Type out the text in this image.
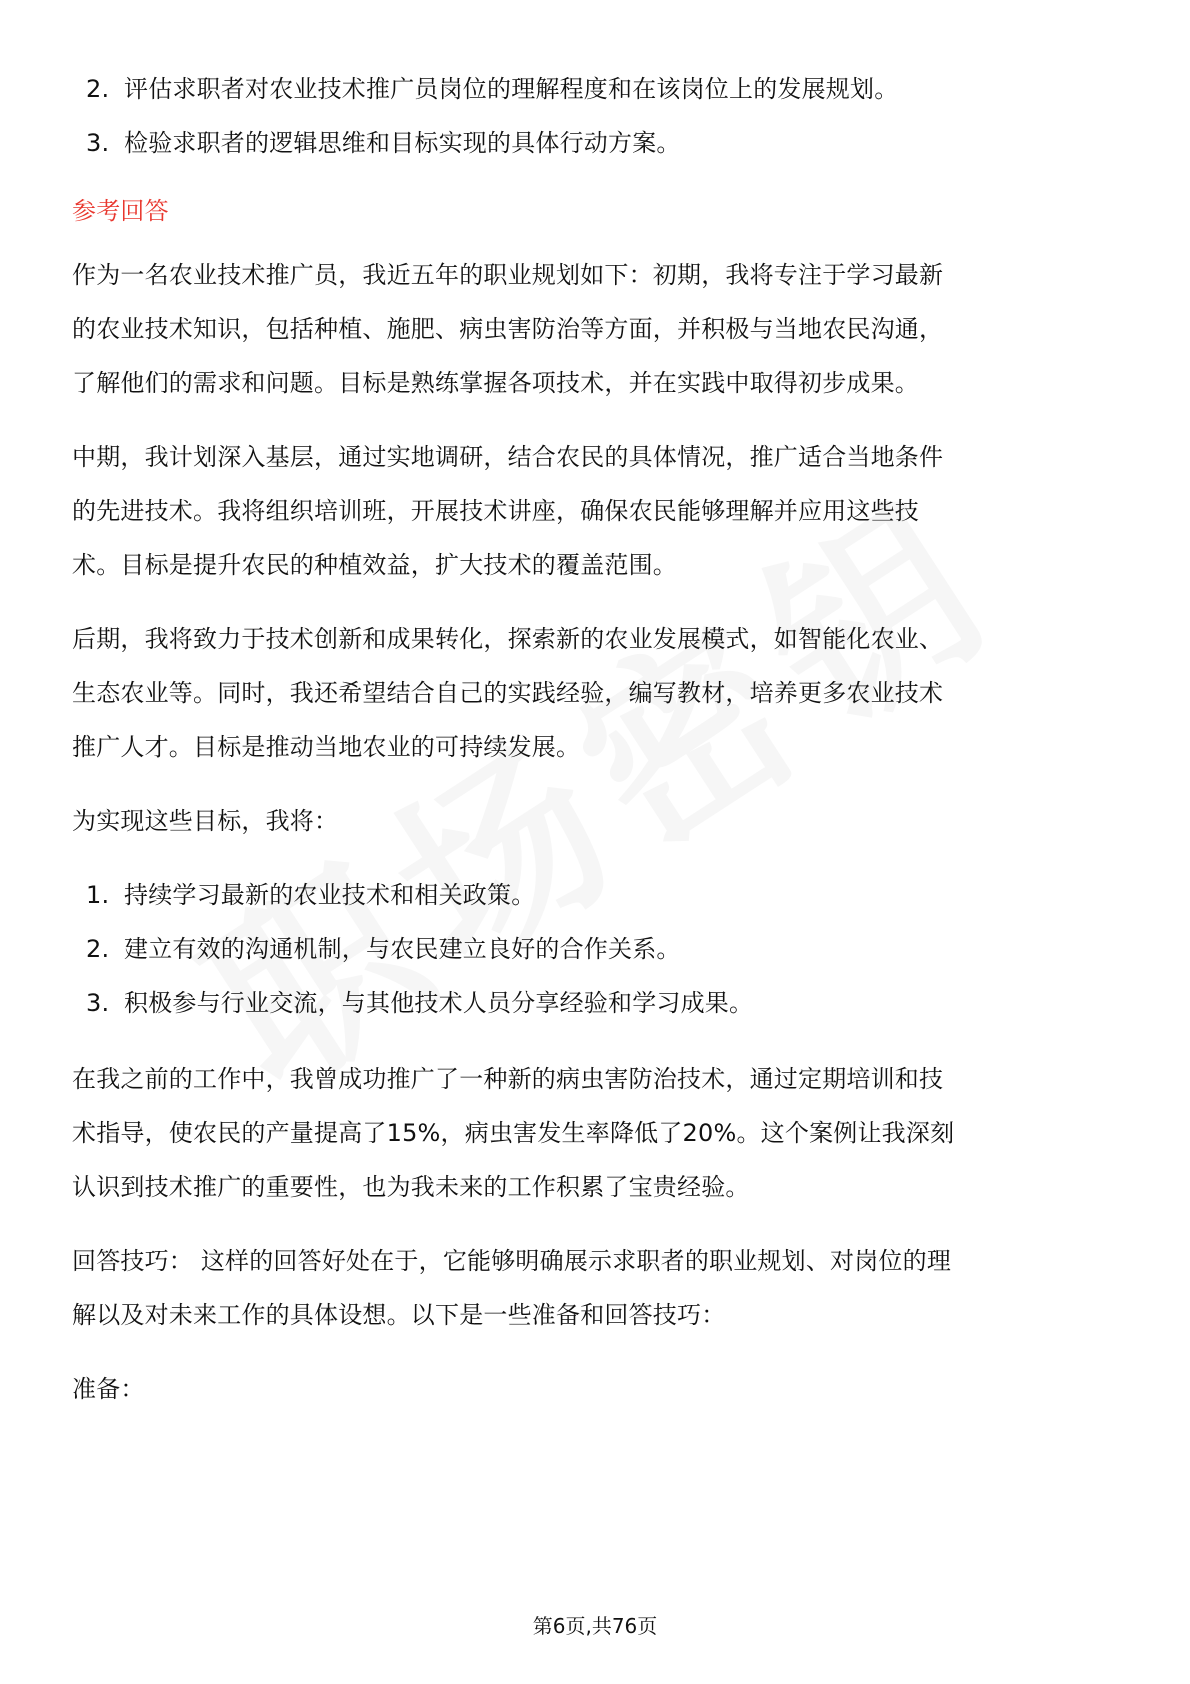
2. 评估求职者对农业技术推广员岗位的理解程度和在该岗位上的发展规划。
3. 检验求职者的逻辑思维和目标实现的具体行动方案。
参考回答

作为一名农业技术推广员，我近五年的职业规划如下：初期，我将专注于学习最新
的农业技术知识，包括种植、施肥、病虫害防治等方面，并积极与当地农民沟通，
了解他们的需求和问题。目标是熟练掌握各项技术，并在实践中取得初步成果。

中期，我计划深入基层，通过实地调研，结合农民的具体情况，推广适合当地条件
的先进技术。我将组织培训班，开展技术讲座，确保农民能够理解并应用这些技
术。目标是提升农民的种植效益，扩大技术的覆盖范围。

后期，我将致力于技术创新和成果转化，探索新的农业发展模式，如智能化农业、
生态农业等。同时，我还希望结合自己的实践经验，编写教材，培养更多农业技术
推广人才。目标是推动当地农业的可持续发展。

为实现这些目标，我将：

1. 持续学习最新的农业技术和相关政策。
2. 建立有效的沟通机制，与农民建立良好的合作关系。
3. 积极参与行业交流，与其他技术人员分享经验和学习成果。

在我之前的工作中，我曾成功推广了一种新的病虫害防治技术，通过定期培训和技
术指导，使农民的产量提高了15%，病虫害发生率降低了20%。这个案例让我深刻
认识到技术推广的重要性，也为我未来的工作积累了宝贵经验。

回答技巧： 这样的回答好处在于，它能够明确展示求职者的职业规划、对岗位的理
解以及对未来工作的具体设想。以下是一些准备和回答技巧：

准备：

第6页,共76页
